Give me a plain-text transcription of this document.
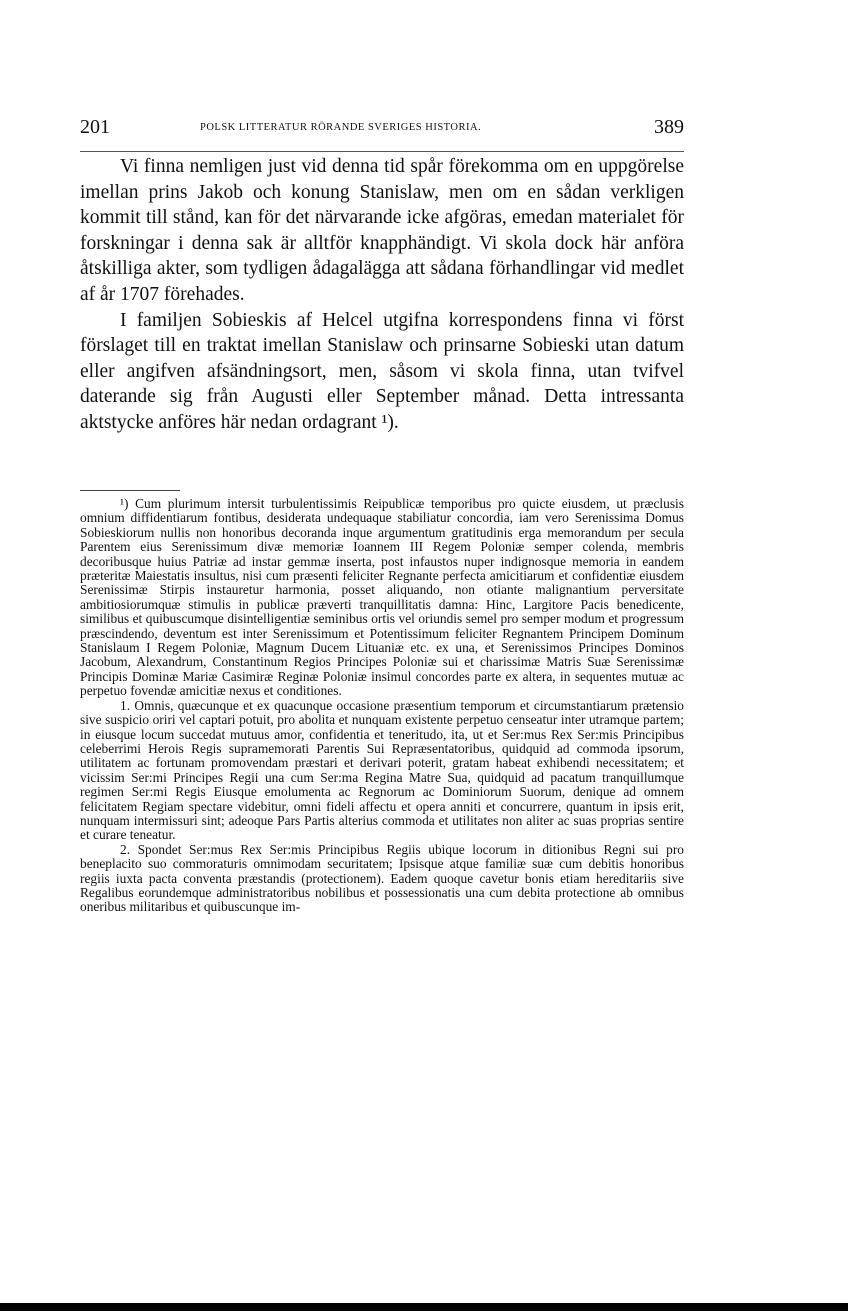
201	POLSK LITTERATUR RÖRANDE SVERIGES HISTORIA.	389

Vi finna nemligen just vid denna tid spår förekomma om en uppgörelse imellan prins Jakob och konung Stanislaw, men om en sådan verkligen kommit till stånd, kan för det närvarande icke afgöras, emedan materialet för forskningar i denna sak är alltför knapphändigt. Vi skola dock här anföra åtskilliga akter, som tydligen ådagalägga att sådana förhandlingar vid medlet af år 1707 förehades.

I familjen Sobieskis af Helcel utgifna korrespondens finna vi först förslaget till en traktat imellan Stanislaw och prinsarne Sobieski utan datum eller angifven afsändningsort, men, såsom vi skola finna, utan tvifvel daterande sig från Augusti eller September månad. Detta intressanta aktstycke anföres här nedan ordagrant ¹).

¹) Cum plurimum intersit turbulentissimis Reipublicæ temporibus pro quicte eiusdem, ut præclusis omnium diffidentiarum fontibus, desiderata undequaque stabiliatur concordia, iam vero Serenissima Domus Sobieskiorum nullis non honoribus decoranda inque argumentum gratitudinis erga memorandum per secula Parentem eius Serenissimum divæ memoriæ Ioannem III Regem Poloniæ semper colenda, membris decoribusque huius Patriæ ad instar gemmæ inserta, post infaustos nuper indignosque memoria in eandem præteritæ Maiestatis insultus, nisi cum præsenti feliciter Regnante perfecta amicitiarum et confidentiæ eiusdem Serenissimæ Stirpis instauretur harmonia, posset aliquando, non otiante malignantium perversitate ambitiosiorumquæ stimulis in publicæ præverti tranquillitatis damna: Hinc, Largitore Pacis benedicente, similibus et quibuscumque disintelligentiæ seminibus ortis vel oriundis semel pro semper modum et progressum præscindendo, deventum est inter Serenissimum et Potentissimum feliciter Regnantem Principem Dominum Stanislaum I Regem Poloniæ, Magnum Ducem Lituaniæ etc. ex una, et Serenissimos Principes Dominos Jacobum, Alexandrum, Constantinum Regios Principes Poloniæ sui et charissimæ Matris Suæ Serenissimæ Principis Dominæ Mariæ Casimiræ Reginæ Poloniæ insimul concordes parte ex altera, in sequentes mutuæ ac perpetuo fovendæ amicitiæ nexus et conditiones.

1. Omnis, quæcunque et ex quacunque occasione præsentium temporum et circumstantiarum prætensio sive suspicio oriri vel captari potuit, pro abolita et nunquam existente perpetuo censeatur inter utramque partem; in eiusque locum succedat mutuus amor, confidentia et teneritudo, ita, ut et Ser:mus Rex Ser:mis Principibus celeberrimi Herois Regis supramemorati Parentis Sui Repræsentatoribus, quidquid ad commoda ipsorum, utilitatem ac fortunam promovendam præstari et derivari poterit, gratam habeat exhibendi necessitatem; et vicissim Ser:mi Principes Regii una cum Ser:ma Regina Matre Sua, quidquid ad pacatum tranquillumque regimen Ser:mi Regis Eiusque emolumenta ac Regnorum ac Dominiorum Suorum, denique ad omnem felicitatem Regiam spectare videbitur, omni fideli affectu et opera anniti et concurrere, quantum in ipsis erit, nunquam intermissuri sint; adeoque Pars Partis alterius commoda et utilitates non aliter ac suas proprias sentire et curare teneatur.

2. Spondet Ser:mus Rex Ser:mis Principibus Regiis ubique locorum in ditionibus Regni sui pro beneplacito suo commoraturis omnimodam securitatem; Ipsisque atque familiæ suæ cum debitis honoribus regiis iuxta pacta conventa præstandis (protectionem). Eadem quoque cavetur bonis etiam hereditariis sive Regalibus eorundemque administratoribus nobilibus et possessionatis una cum debita protectione ab omnibus oneribus militaribus et quibuscunque im-
